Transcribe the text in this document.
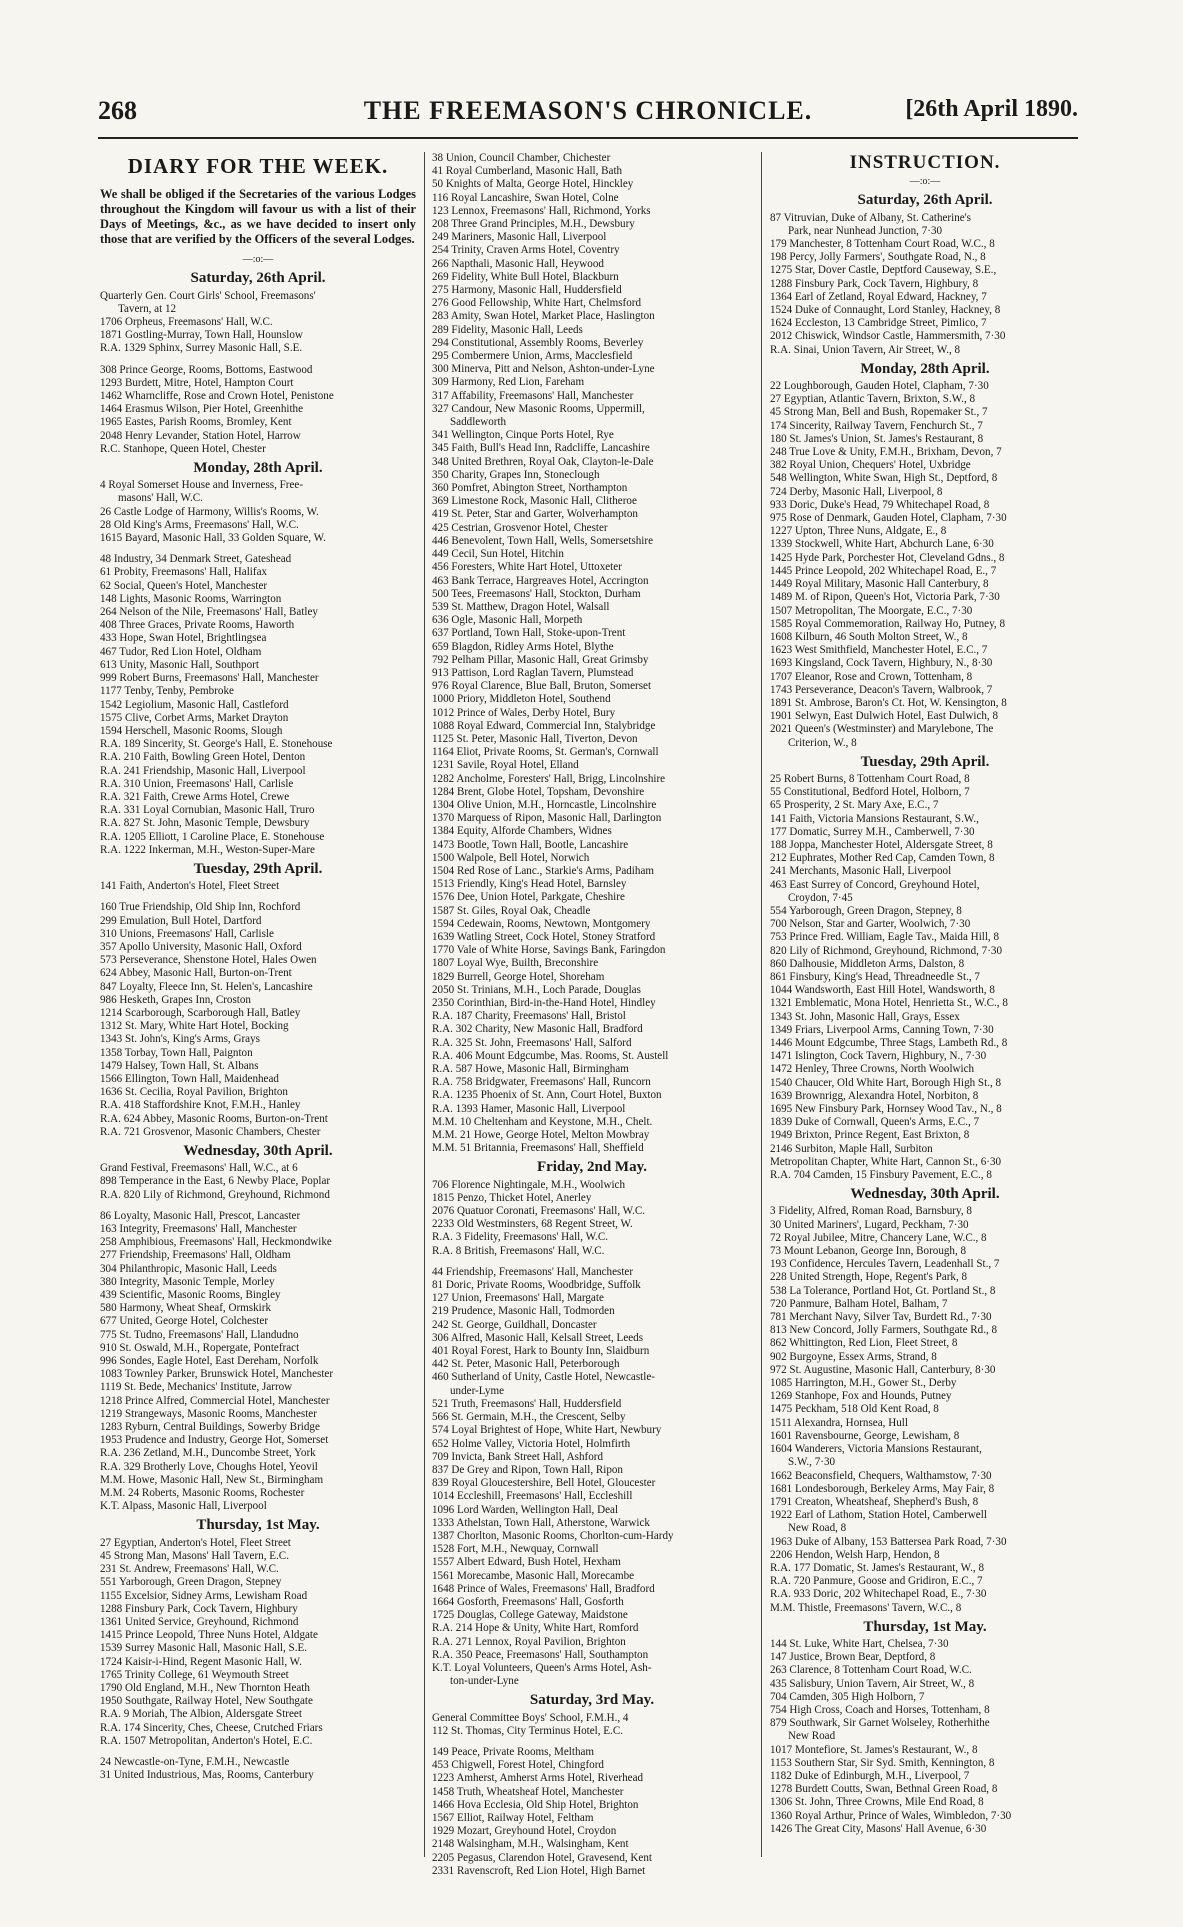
268	THE FREEMASON'S CHRONICLE.	[26th April 1890.
DIARY FOR THE WEEK.
We shall be obliged if the Secretaries of the various Lodges throughout the Kingdom will favour us with a list of their Days of Meetings, &c., as we have decided to insert only those that are verified by the Officers of the several Lodges.
—:o:—
Saturday, 26th April.
Quarterly Gen. Court Girls' School, Freemasons'
Tavern, at 12
1706 Orpheus, Freemasons' Hall, W.C.
1871 Gostling-Murray, Town Hall, Hounslow
R.A. 1329 Sphinx, Surrey Masonic Hall, S.E.
308 Prince George, Rooms, Bottoms, Eastwood
1293 Burdett, Mitre, Hotel, Hampton Court
1462 Wharncliffe, Rose and Crown Hotel, Penistone
1464 Erasmus Wilson, Pier Hotel, Greenhithe
1965 Eastes, Parish Rooms, Bromley, Kent
2048 Henry Levander, Station Hotel, Harrow
R.C. Stanhope, Queen Hotel, Chester
Monday, 28th April.
4 Royal Somerset House and Inverness, Free-
masons' Hall, W.C.
26 Castle Lodge of Harmony, Willis's Rooms, W.
28 Old King's Arms, Freemasons' Hall, W.C.
1615 Bayard, Masonic Hall, 33 Golden Square, W.
48 Industry, 34 Denmark Street, Gateshead
61 Probity, Freemasons' Hall, Halifax
62 Social, Queen's Hotel, Manchester
148 Lights, Masonic Rooms, Warrington
264 Nelson of the Nile, Freemasons' Hall, Batley
408 Three Graces, Private Rooms, Haworth
433 Hope, Swan Hotel, Brightlingsea
467 Tudor, Red Lion Hotel, Oldham
613 Unity, Masonic Hall, Southport
999 Robert Burns, Freemasons' Hall, Manchester
1177 Tenby, Tenby, Pembroke
1542 Legiolium, Masonic Hall, Castleford
1575 Clive, Corbet Arms, Market Drayton
1594 Herschell, Masonic Rooms, Slough
R.A. 189 Sincerity, St. George's Hall, E. Stonehouse
R.A. 210 Faith, Bowling Green Hotel, Denton
R.A. 241 Friendship, Masonic Hall, Liverpool
R.A. 310 Union, Freemasons' Hall, Carlisle
R.A. 321 Faith, Crewe Arms Hotel, Crewe
R.A. 331 Loyal Cornubian, Masonic Hall, Truro
R.A. 827 St. John, Masonic Temple, Dewsbury
R.A. 1205 Elliott, 1 Caroline Place, E. Stonehouse
R.A. 1222 Inkerman, M.H., Weston-Super-Mare
Tuesday, 29th April.
141 Faith, Anderton's Hotel, Fleet Street
160 True Friendship, Old Ship Inn, Rochford
299 Emulation, Bull Hotel, Dartford
310 Unions, Freemasons' Hall, Carlisle
357 Apollo University, Masonic Hall, Oxford
573 Perseverance, Shenstone Hotel, Hales Owen
624 Abbey, Masonic Hall, Burton-on-Trent
847 Loyalty, Fleece Inn, St. Helen's, Lancashire
986 Hesketh, Grapes Inn, Croston
1214 Scarborough, Scarborough Hall, Batley
1312 St. Mary, White Hart Hotel, Bocking
1343 St. John's, King's Arms, Grays
1358 Torbay, Town Hall, Paignton
1479 Halsey, Town Hall, St. Albans
1566 Ellington, Town Hall, Maidenhead
1636 St. Cecilia, Royal Pavilion, Brighton
R.A. 418 Staffordshire Knot, F.M.H., Hanley
R.A. 624 Abbey, Masonic Rooms, Burton-on-Trent
R.A. 721 Grosvenor, Masonic Chambers, Chester
Wednesday, 30th April.
Grand Festival, Freemasons' Hall, W.C., at 6
898 Temperance in the East, 6 Newby Place, Poplar
R.A. 820 Lily of Richmond, Greyhound, Richmond
86 Loyalty, Masonic Hall, Prescot, Lancaster
163 Integrity, Freemasons' Hall, Manchester
258 Amphibious, Freemasons' Hall, Heckmondwike
277 Friendship, Freemasons' Hall, Oldham
304 Philanthropic, Masonic Hall, Leeds
380 Integrity, Masonic Temple, Morley
439 Scientific, Masonic Rooms, Bingley
580 Harmony, Wheat Sheaf, Ormskirk
677 United, George Hotel, Colchester
775 St. Tudno, Freemasons' Hall, Llandudno
910 St. Oswald, M.H., Ropergate, Pontefract
996 Sondes, Eagle Hotel, East Dereham, Norfolk
1083 Townley Parker, Brunswick Hotel, Manchester
1119 St. Bede, Mechanics' Institute, Jarrow
1218 Prince Alfred, Commercial Hotel, Manchester
1219 Strangeways, Masonic Rooms, Manchester
1283 Ryburn, Central Buildings, Sowerby Bridge
1953 Prudence and Industry, George Hot, Somerset
R.A. 236 Zetland, M.H., Duncombe Street, York
R.A. 329 Brotherly Love, Choughs Hotel, Yeovil
M.M. Howe, Masonic Hall, New St., Birmingham
M.M. 24 Roberts, Masonic Rooms, Rochester
K.T. Alpass, Masonic Hall, Liverpool
Thursday, 1st May.
27 Egyptian, Anderton's Hotel, Fleet Street
45 Strong Man, Masons' Hall Tavern, E.C.
231 St. Andrew, Freemasons' Hall, W.C.
551 Yarborough, Green Dragon, Stepney
1155 Excelsior, Sidney Arms, Lewisham Road
1288 Finsbury Park, Cock Tavern, Highbury
1361 United Service, Greyhound, Richmond
1415 Prince Leopold, Three Nuns Hotel, Aldgate
1539 Surrey Masonic Hall, Masonic Hall, S.E.
1724 Kaisir-i-Hind, Regent Masonic Hall, W.
1765 Trinity College, 61 Weymouth Street
1790 Old England, M.H., New Thornton Heath
1950 Southgate, Railway Hotel, New Southgate
R.A. 9 Moriah, The Albion, Aldersgate Street
R.A. 174 Sincerity, Ches, Cheese, Crutched Friars
R.A. 1507 Metropolitan, Anderton's Hotel, E.C.
24 Newcastle-on-Tyne, F.M.H., Newcastle
31 United Industrious, Mas, Rooms, Canterbury
38 Union, Council Chamber, Chichester
41 Royal Cumberland, Masonic Hall, Bath
50 Knights of Malta, George Hotel, Hinckley
116 Royal Lancashire, Swan Hotel, Colne
123 Lennox, Freemasons' Hall, Richmond, Yorks
208 Three Grand Principles, M.H., Dewsbury
249 Mariners, Masonic Hall, Liverpool
254 Trinity, Craven Arms Hotel, Coventry
266 Napthali, Masonic Hall, Heywood
269 Fidelity, White Bull Hotel, Blackburn
275 Harmony, Masonic Hall, Huddersfield
276 Good Fellowship, White Hart, Chelmsford
283 Amity, Swan Hotel, Market Place, Haslington
289 Fidelity, Masonic Hall, Leeds
294 Constitutional, Assembly Rooms, Beverley
295 Combermere Union, Arms, Macclesfield
300 Minerva, Pitt and Nelson, Ashton-under-Lyne
309 Harmony, Red Lion, Fareham
317 Affability, Freemasons' Hall, Manchester
327 Candour, New Masonic Rooms, Uppermill,
Saddleworth
341 Wellington, Cinque Ports Hotel, Rye
345 Faith, Bull's Head Inn, Radcliffe, Lancashire
348 United Brethren, Royal Oak, Clayton-le-Dale
350 Charity, Grapes Inn, Stoneclough
360 Pomfret, Abington Street, Northampton
369 Limestone Rock, Masonic Hall, Clitheroe
419 St. Peter, Star and Garter, Wolverhampton
425 Cestrian, Grosvenor Hotel, Chester
446 Benevolent, Town Hall, Wells, Somersetshire
449 Cecil, Sun Hotel, Hitchin
456 Foresters, White Hart Hotel, Uttoxeter
463 Bank Terrace, Hargreaves Hotel, Accrington
500 Tees, Freemasons' Hall, Stockton, Durham
539 St. Matthew, Dragon Hotel, Walsall
636 Ogle, Masonic Hall, Morpeth
637 Portland, Town Hall, Stoke-upon-Trent
659 Blagdon, Ridley Arms Hotel, Blythe
792 Pelham Pillar, Masonic Hall, Great Grimsby
913 Pattison, Lord Raglan Tavern, Plumstead
976 Royal Clarence, Blue Ball, Bruton, Somerset
1000 Priory, Middleton Hotel, Southend
1012 Prince of Wales, Derby Hotel, Bury
1088 Royal Edward, Commercial Inn, Stalybridge
1125 St. Peter, Masonic Hall, Tiverton, Devon
1164 Eliot, Private Rooms, St. German's, Cornwall
1231 Savile, Royal Hotel, Elland
1282 Ancholme, Foresters' Hall, Brigg, Lincolnshire
1284 Brent, Globe Hotel, Topsham, Devonshire
1304 Olive Union, M.H., Horncastle, Lincolnshire
1370 Marquess of Ripon, Masonic Hall, Darlington
1384 Equity, Alforde Chambers, Widnes
1473 Bootle, Town Hall, Bootle, Lancashire
1500 Walpole, Bell Hotel, Norwich
1504 Red Rose of Lanc., Starkie's Arms, Padiham
1513 Friendly, King's Head Hotel, Barnsley
1576 Dee, Union Hotel, Parkgate, Cheshire
1587 St. Giles, Royal Oak, Cheadle
1594 Cedewain, Rooms, Newtown, Montgomery
1639 Watling Street, Cock Hotel, Stoney Stratford
1770 Vale of White Horse, Savings Bank, Faringdon
1807 Loyal Wye, Builth, Breconshire
1829 Burrell, George Hotel, Shoreham
2050 St. Trinians, M.H., Loch Parade, Douglas
2350 Corinthian, Bird-in-the-Hand Hotel, Hindley
R.A. 187 Charity, Freemasons' Hall, Bristol
R.A. 302 Charity, New Masonic Hall, Bradford
R.A. 325 St. John, Freemasons' Hall, Salford
R.A. 406 Mount Edgcumbe, Mas. Rooms, St. Austell
R.A. 587 Howe, Masonic Hall, Birmingham
R.A. 758 Bridgwater, Freemasons' Hall, Runcorn
R.A. 1235 Phoenix of St. Ann, Court Hotel, Buxton
R.A. 1393 Hamer, Masonic Hall, Liverpool
M.M. 10 Cheltenham and Keystone, M.H., Chelt.
M.M. 21 Howe, George Hotel, Melton Mowbray
M.M. 51 Britannia, Freemasons' Hall, Sheffield
Friday, 2nd May.
706 Florence Nightingale, M.H., Woolwich
1815 Penzo, Thicket Hotel, Anerley
2076 Quatuor Coronati, Freemasons' Hall, W.C.
2233 Old Westminsters, 68 Regent Street, W.
R.A. 3 Fidelity, Freemasons' Hall, W.C.
R.A. 8 British, Freemasons' Hall, W.C.
44 Friendship, Freemasons' Hall, Manchester
81 Doric, Private Rooms, Woodbridge, Suffolk
127 Union, Freemasons' Hall, Margate
219 Prudence, Masonic Hall, Todmorden
242 St. George, Guildhall, Doncaster
306 Alfred, Masonic Hall, Kelsall Street, Leeds
401 Royal Forest, Hark to Bounty Inn, Slaidburn
442 St. Peter, Masonic Hall, Peterborough
460 Sutherland of Unity, Castle Hotel, Newcastle-
under-Lyme
521 Truth, Freemasons' Hall, Huddersfield
566 St. Germain, M.H., the Crescent, Selby
574 Loyal Brightest of Hope, White Hart, Newbury
652 Holme Valley, Victoria Hotel, Holmfirth
709 Invicta, Bank Street Hall, Ashford
837 De Grey and Ripon, Town Hall, Ripon
839 Royal Gloucestershire, Bell Hotel, Gloucester
1014 Eccleshill, Freemasons' Hall, Eccleshill
1096 Lord Warden, Wellington Hall, Deal
1333 Athelstan, Town Hall, Atherstone, Warwick
1387 Chorlton, Masonic Rooms, Chorlton-cum-Hardy
1528 Fort, M.H., Newquay, Cornwall
1557 Albert Edward, Bush Hotel, Hexham
1561 Morecambe, Masonic Hall, Morecambe
1648 Prince of Wales, Freemasons' Hall, Bradford
1664 Gosforth, Freemasons' Hall, Gosforth
1725 Douglas, College Gateway, Maidstone
R.A. 214 Hope & Unity, White Hart, Romford
R.A. 271 Lennox, Royal Pavilion, Brighton
R.A. 350 Peace, Freemasons' Hall, Southampton
K.T. Loyal Volunteers, Queen's Arms Hotel, Ash-
ton-under-Lyne
Saturday, 3rd May.
General Committee Boys' School, F.M.H., 4
112 St. Thomas, City Terminus Hotel, E.C.
149 Peace, Private Rooms, Meltham
453 Chigwell, Forest Hotel, Chingford
1223 Amherst, Amherst Arms Hotel, Riverhead
1458 Truth, Wheatsheaf Hotel, Manchester
1466 Hova Ecclesia, Old Ship Hotel, Brighton
1567 Elliot, Railway Hotel, Feltham
1929 Mozart, Greyhound Hotel, Croydon
2148 Walsingham, M.H., Walsingham, Kent
2205 Pegasus, Clarendon Hotel, Gravesend, Kent
2331 Ravenscroft, Red Lion Hotel, High Barnet
INSTRUCTION.
—:o:—
Saturday, 26th April.
87 Vitruvian, Duke of Albany, St. Catherine's
Park, near Nunhead Junction, 7·30
179 Manchester, 8 Tottenham Court Road, W.C., 8
198 Percy, Jolly Farmers', Southgate Road, N., 8
1275 Star, Dover Castle, Deptford Causeway, S.E.,
1288 Finsbury Park, Cock Tavern, Highbury, 8
1364 Earl of Zetland, Royal Edward, Hackney, 7
1524 Duke of Connaught, Lord Stanley, Hackney, 8
1624 Eccleston, 13 Cambridge Street, Pimlico, 7
2012 Chiswick, Windsor Castle, Hammersmith, 7·30
R.A. Sinai, Union Tavern, Air Street, W., 8
Monday, 28th April.
22 Loughborough, Gauden Hotel, Clapham, 7·30
27 Egyptian, Atlantic Tavern, Brixton, S.W., 8
45 Strong Man, Bell and Bush, Ropemaker St., 7
174 Sincerity, Railway Tavern, Fenchurch St., 7
180 St. James's Union, St. James's Restaurant, 8
248 True Love & Unity, F.M.H., Brixham, Devon, 7
382 Royal Union, Chequers' Hotel, Uxbridge
548 Wellington, White Swan, High St., Deptford, 8
724 Derby, Masonic Hall, Liverpool, 8
933 Doric, Duke's Head, 79 Whitechapel Road, 8
975 Rose of Denmark, Gauden Hotel, Clapham, 7·30
1227 Upton, Three Nuns, Aldgate, E., 8
1339 Stockwell, White Hart, Abchurch Lane, 6·30
1425 Hyde Park, Porchester Hot, Cleveland Gdns., 8
1445 Prince Leopold, 202 Whitechapel Road, E., 7
1449 Royal Military, Masonic Hall Canterbury, 8
1489 M. of Ripon, Queen's Hot, Victoria Park, 7·30
1507 Metropolitan, The Moorgate, E.C., 7·30
1585 Royal Commemoration, Railway Ho, Putney, 8
1608 Kilburn, 46 South Molton Street, W., 8
1623 West Smithfield, Manchester Hotel, E.C., 7
1693 Kingsland, Cock Tavern, Highbury, N., 8·30
1707 Eleanor, Rose and Crown, Tottenham, 8
1743 Perseverance, Deacon's Tavern, Walbrook, 7
1891 St. Ambrose, Baron's Ct. Hot, W. Kensington, 8
1901 Selwyn, East Dulwich Hotel, East Dulwich, 8
2021 Queen's (Westminster) and Marylebone, The
Criterion, W., 8
Tuesday, 29th April.
25 Robert Burns, 8 Tottenham Court Road, 8
55 Constitutional, Bedford Hotel, Holborn, 7
65 Prosperity, 2 St. Mary Axe, E.C., 7
141 Faith, Victoria Mansions Restaurant, S.W.,
177 Domatic, Surrey M.H., Camberwell, 7·30
188 Joppa, Manchester Hotel, Aldersgate Street, 8
212 Euphrates, Mother Red Cap, Camden Town, 8
241 Merchants, Masonic Hall, Liverpool
463 East Surrey of Concord, Greyhound Hotel,
Croydon, 7·45
554 Yarborough, Green Dragon, Stepney, 8
700 Nelson, Star and Garter, Woolwich, 7·30
753 Prince Fred. William, Eagle Tav., Maida Hill, 8
820 Lily of Richmond, Greyhound, Richmond, 7·30
860 Dalhousie, Middleton Arms, Dalston, 8
861 Finsbury, King's Head, Threadneedle St., 7
1044 Wandsworth, East Hill Hotel, Wandsworth, 8
1321 Emblematic, Mona Hotel, Henrietta St., W.C., 8
1343 St. John, Masonic Hall, Grays, Essex
1349 Friars, Liverpool Arms, Canning Town, 7·30
1446 Mount Edgcumbe, Three Stags, Lambeth Rd., 8
1471 Islington, Cock Tavern, Highbury, N., 7·30
1472 Henley, Three Crowns, North Woolwich
1540 Chaucer, Old White Hart, Borough High St., 8
1639 Brownrigg, Alexandra Hotel, Norbiton, 8
1695 New Finsbury Park, Hornsey Wood Tav., N., 8
1839 Duke of Cornwall, Queen's Arms, E.C., 7
1949 Brixton, Prince Regent, East Brixton, 8
2146 Surbiton, Maple Hall, Surbiton
Metropolitan Chapter, White Hart, Cannon St., 6·30
R.A. 704 Camden, 15 Finsbury Pavement, E.C., 8
Wednesday, 30th April.
3 Fidelity, Alfred, Roman Road, Barnsbury, 8
30 United Mariners', Lugard, Peckham, 7·30
72 Royal Jubilee, Mitre, Chancery Lane, W.C., 8
73 Mount Lebanon, George Inn, Borough, 8
193 Confidence, Hercules Tavern, Leadenhall St., 7
228 United Strength, Hope, Regent's Park, 8
538 La Tolerance, Portland Hot, Gt. Portland St., 8
720 Panmure, Balham Hotel, Balham, 7
781 Merchant Navy, Silver Tav, Burdett Rd., 7·30
813 New Concord, Jolly Farmers, Southgate Rd., 8
862 Whittington, Red Lion, Fleet Street, 8
902 Burgoyne, Essex Arms, Strand, 8
972 St. Augustine, Masonic Hall, Canterbury, 8·30
1085 Harrington, M.H., Gower St., Derby
1269 Stanhope, Fox and Hounds, Putney
1475 Peckham, 518 Old Kent Road, 8
1511 Alexandra, Hornsea, Hull
1601 Ravensbourne, George, Lewisham, 8
1604 Wanderers, Victoria Mansions Restaurant,
S.W., 7·30
1662 Beaconsfield, Chequers, Walthamstow, 7·30
1681 Londesborough, Berkeley Arms, May Fair, 8
1791 Creaton, Wheatsheaf, Shepherd's Bush, 8
1922 Earl of Lathom, Station Hotel, Camberwell
New Road, 8
1963 Duke of Albany, 153 Battersea Park Road, 7·30
2206 Hendon, Welsh Harp, Hendon, 8
R.A. 177 Domatic, St. James's Restaurant, W., 8
R.A. 720 Panmure, Goose and Gridiron, E.C., 7
R.A. 933 Doric, 202 Whitechapel Road, E., 7·30
M.M. Thistle, Freemasons' Tavern, W.C., 8
Thursday, 1st May.
144 St. Luke, White Hart, Chelsea, 7·30
147 Justice, Brown Bear, Deptford, 8
263 Clarence, 8 Tottenham Court Road, W.C.
435 Salisbury, Union Tavern, Air Street, W., 8
704 Camden, 305 High Holborn, 7
754 High Cross, Coach and Horses, Tottenham, 8
879 Southwark, Sir Garnet Wolseley, Rotherhithe
New Road
1017 Montefiore, St. James's Restaurant, W., 8
1153 Southern Star, Sir Syd. Smith, Kennington, 8
1182 Duke of Edinburgh, M.H., Liverpool, 7
1278 Burdett Coutts, Swan, Bethnal Green Road, 8
1306 St. John, Three Crowns, Mile End Road, 8
1360 Royal Arthur, Prince of Wales, Wimbledon, 7·30
1426 The Great City, Masons' Hall Avenue, 6·30
